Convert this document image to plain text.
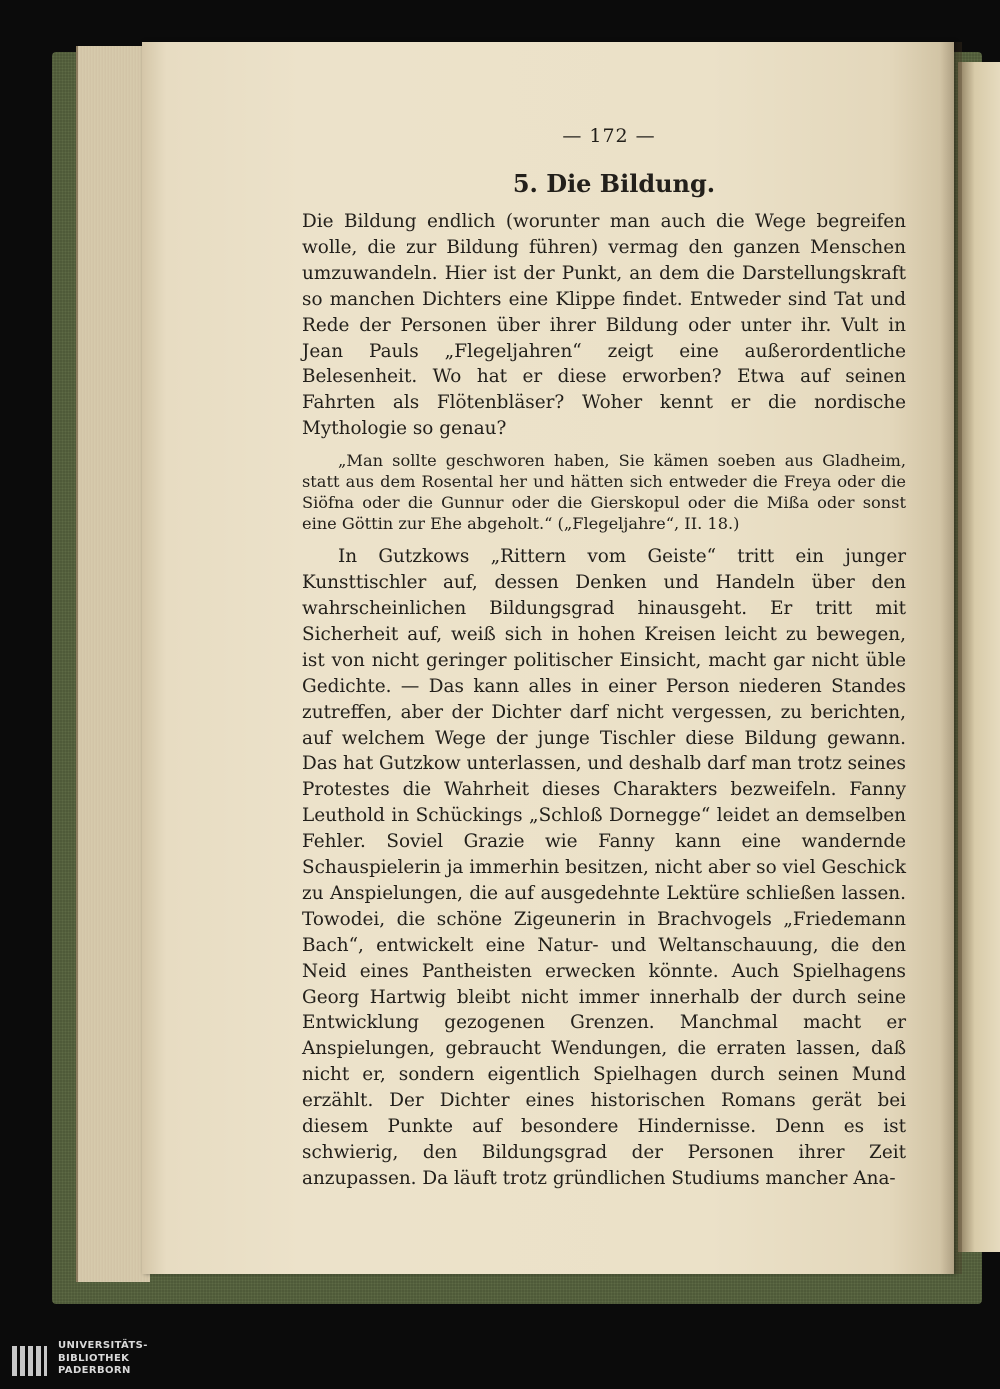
— 172 —
5. Die Bildung.

Die Bildung endlich (worunter man auch die Wege begreifen wolle, die zur Bildung führen) vermag den ganzen Menschen umzuwandeln. Hier ist der Punkt, an dem die Darstellungskraft so manchen Dichters eine Klippe findet. Entweder sind Tat und Rede der Personen über ihrer Bildung oder unter ihr. Vult in Jean Pauls „Flegeljahren“ zeigt eine außerordentliche Belesenheit. Wo hat er diese erworben? Etwa auf seinen Fahrten als Flötenbläser? Woher kennt er die nordische Mythologie so genau?

„Man sollte geschworen haben, Sie kämen soeben aus Gladheim, statt aus dem Rosental her und hätten sich entweder die Freya oder die Siöfna oder die Gunnur oder die Gierskopul oder die Mißa oder sonst eine Göttin zur Ehe abgeholt.“ („Flegeljahre“, II. 18.)

In Gutzkows „Rittern vom Geiste“ tritt ein junger Kunsttischler auf, dessen Denken und Handeln über den wahrscheinlichen Bildungsgrad hinausgeht. Er tritt mit Sicherheit auf, weiß sich in hohen Kreisen leicht zu bewegen, ist von nicht geringer politischer Einsicht, macht gar nicht üble Gedichte. — Das kann alles in einer Person niederen Standes zutreffen, aber der Dichter darf nicht vergessen, zu berichten, auf welchem Wege der junge Tischler diese Bildung gewann. Das hat Gutzkow unterlassen, und deshalb darf man trotz seines Protestes die Wahrheit dieses Charakters bezweifeln. Fanny Leuthold in Schückings „Schloß Dornegge“ leidet an demselben Fehler. Soviel Grazie wie Fanny kann eine wandernde Schauspielerin ja immerhin besitzen, nicht aber so viel Geschick zu Anspielungen, die auf ausgedehnte Lektüre schließen lassen. Towodei, die schöne Zigeunerin in Brachvogels „Friedemann Bach“, entwickelt eine Natur- und Weltanschauung, die den Neid eines Pantheisten erwecken könnte. Auch Spielhagens Georg Hartwig bleibt nicht immer innerhalb der durch seine Entwicklung gezogenen Grenzen. Manchmal macht er Anspielungen, gebraucht Wendungen, die erraten lassen, daß nicht er, sondern eigentlich Spielhagen durch seinen Mund erzählt. Der Dichter eines historischen Romans gerät bei diesem Punkte auf besondere Hindernisse. Denn es ist schwierig, den Bildungsgrad der Personen ihrer Zeit anzupassen. Da läuft trotz gründlichen Studiums mancher Ana-

UNIVERSITÄTS-
BIBLIOTHEK
PADERBORN
